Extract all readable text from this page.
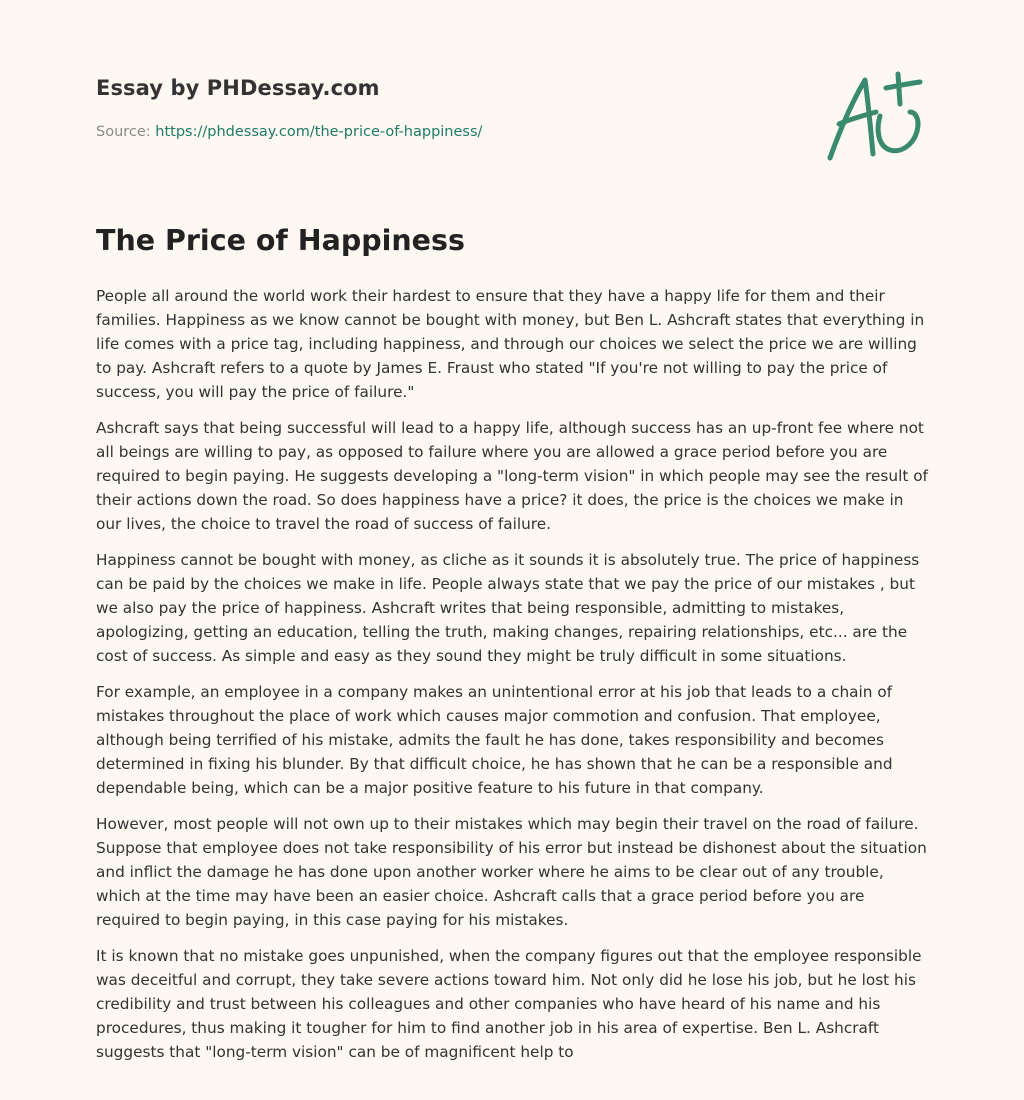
Essay by PHDessay.com
Source: https://phdessay.com/the-price-of-happiness/
The Price of Happiness

People all around the world work their hardest to ensure that they have a happy life for them and their families. Happiness as we know cannot be bought with money, but Ben L. Ashcraft states that everything in life comes with a price tag, including happiness, and through our choices we select the price we are willing to pay. Ashcraft refers to a quote by James E. Fraust who stated "If you're not willing to pay the price of success, you will pay the price of failure."

Ashcraft says that being successful will lead to a happy life, although success has an up-front fee where not all beings are willing to pay, as opposed to failure where you are allowed a grace period before you are required to begin paying. He suggests developing a "long-term vision" in which people may see the result of their actions down the road. So does happiness have a price? it does, the price is the choices we make in our lives, the choice to travel the road of success of failure.

Happiness cannot be bought with money, as cliche as it sounds it is absolutely true. The price of happiness can be paid by the choices we make in life. People always state that we pay the price of our mistakes , but we also pay the price of happiness. Ashcraft writes that being responsible, admitting to mistakes, apologizing, getting an education, telling the truth, making changes, repairing relationships, etc... are the cost of success. As simple and easy as they sound they might be truly difficult in some situations.

For example, an employee in a company makes an unintentional error at his job that leads to a chain of mistakes throughout the place of work which causes major commotion and confusion. That employee, although being terrified of his mistake, admits the fault he has done, takes responsibility and becomes determined in fixing his blunder. By that difficult choice, he has shown that he can be a responsible and dependable being, which can be a major positive feature to his future in that company.

However, most people will not own up to their mistakes which may begin their travel on the road of failure. Suppose that employee does not take responsibility of his error but instead be dishonest about the situation and inflict the damage he has done upon another worker where he aims to be clear out of any trouble, which at the time may have been an easier choice. Ashcraft calls that a grace period before you are required to begin paying, in this case paying for his mistakes.

It is known that no mistake goes unpunished, when the company figures out that the employee responsible was deceitful and corrupt, they take severe actions toward him. Not only did he lose his job, but he lost his credibility and trust between his colleagues and other companies who have heard of his name and his procedures, thus making it tougher for him to find another job in his area of expertise. Ben L. Ashcraft suggests that "long-term vision" can be of magnificent help to
